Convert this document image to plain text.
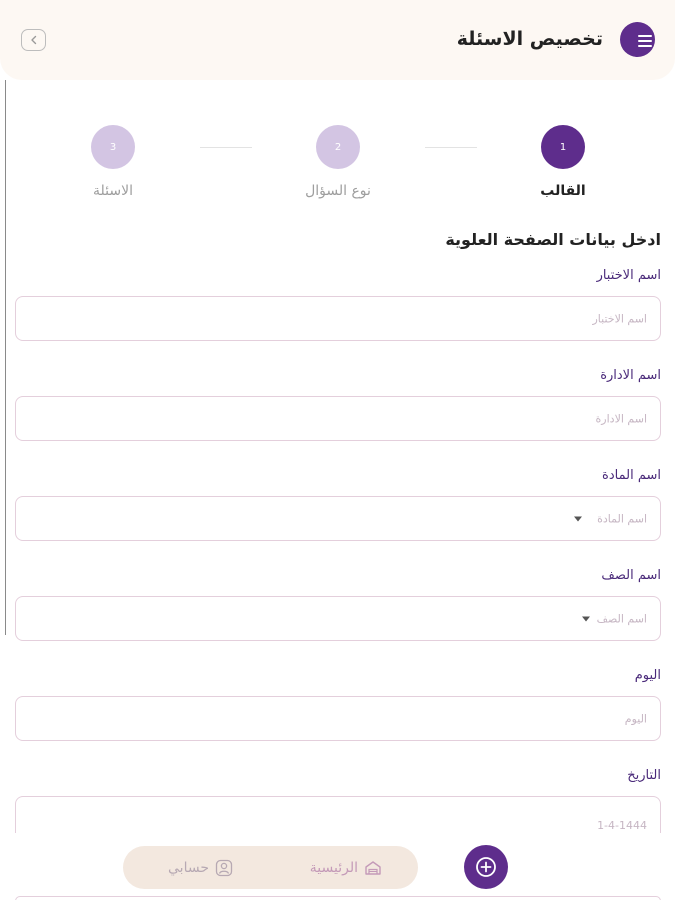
تخصيص الاسئلة
1
القالب
2
نوع السؤال
3
الاسئلة
ادخل بيانات الصفحة العلوية
اسم الاختبار
اسم الاختبار
اسم الادارة
اسم الادارة
اسم المادة
اسم المادة
اسم الصف
اسم الصف
اليوم
اليوم
التاريخ
1-4-1444
الرئيسية
حسابي
